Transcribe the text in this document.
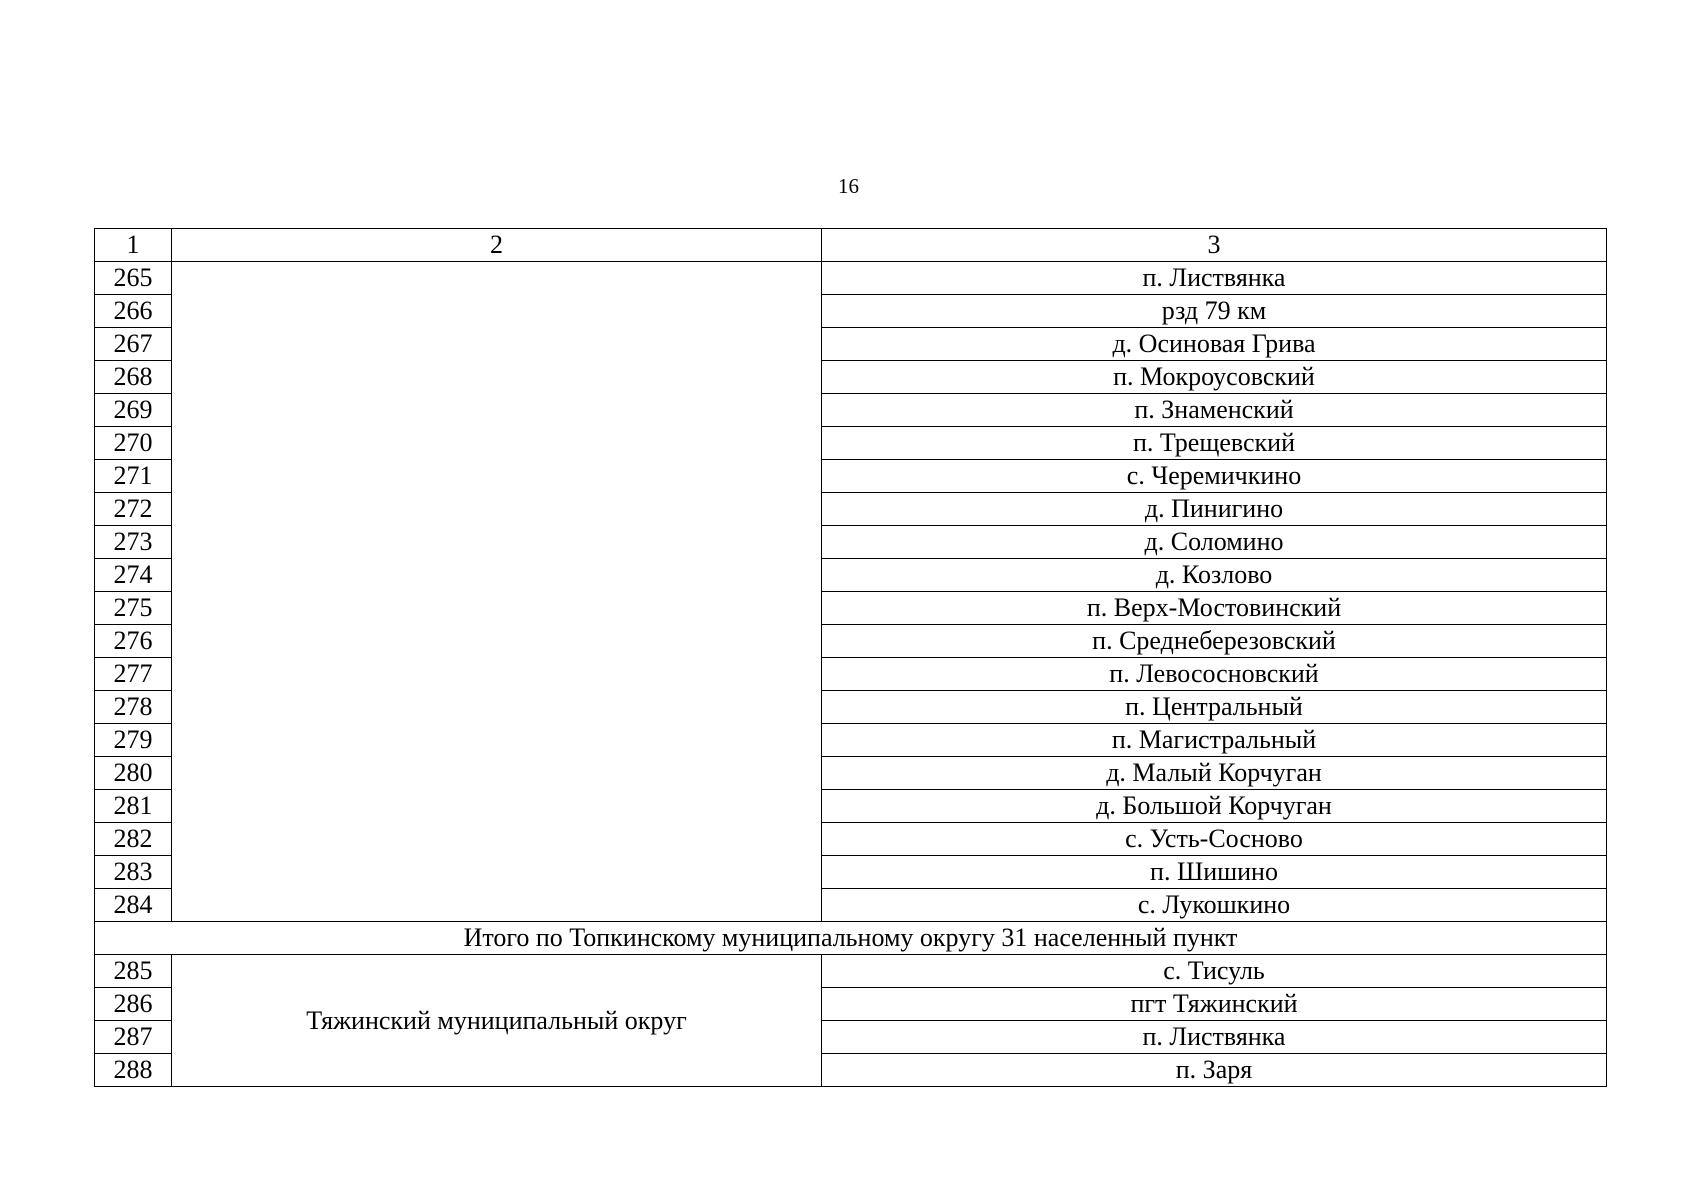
16
1	2	3
265		п. Листвянка
266		рзд 79 км
267		д. Осиновая Грива
268		п. Мокроусовский
269		п. Знаменский
270		п. Трещевский
271		с. Черемичкино
272		д. Пинигино
273		д. Соломино
274		д. Козлово
275		п. Верх-Мостовинский
276		п. Среднеберезовский
277		п. Левососновский
278		п. Центральный
279		п. Магистральный
280		д. Малый Корчуган
281		д. Большой Корчуган
282		с. Усть-Сосново
283		п. Шишино
284		с. Лукошкино
Итого по Топкинскому муниципальному округу 31 населенный пункт		
285	Тяжинский муниципальный округ	с. Тисуль
286		пгт Тяжинский
287		п. Листвянка
288		п. Заря
